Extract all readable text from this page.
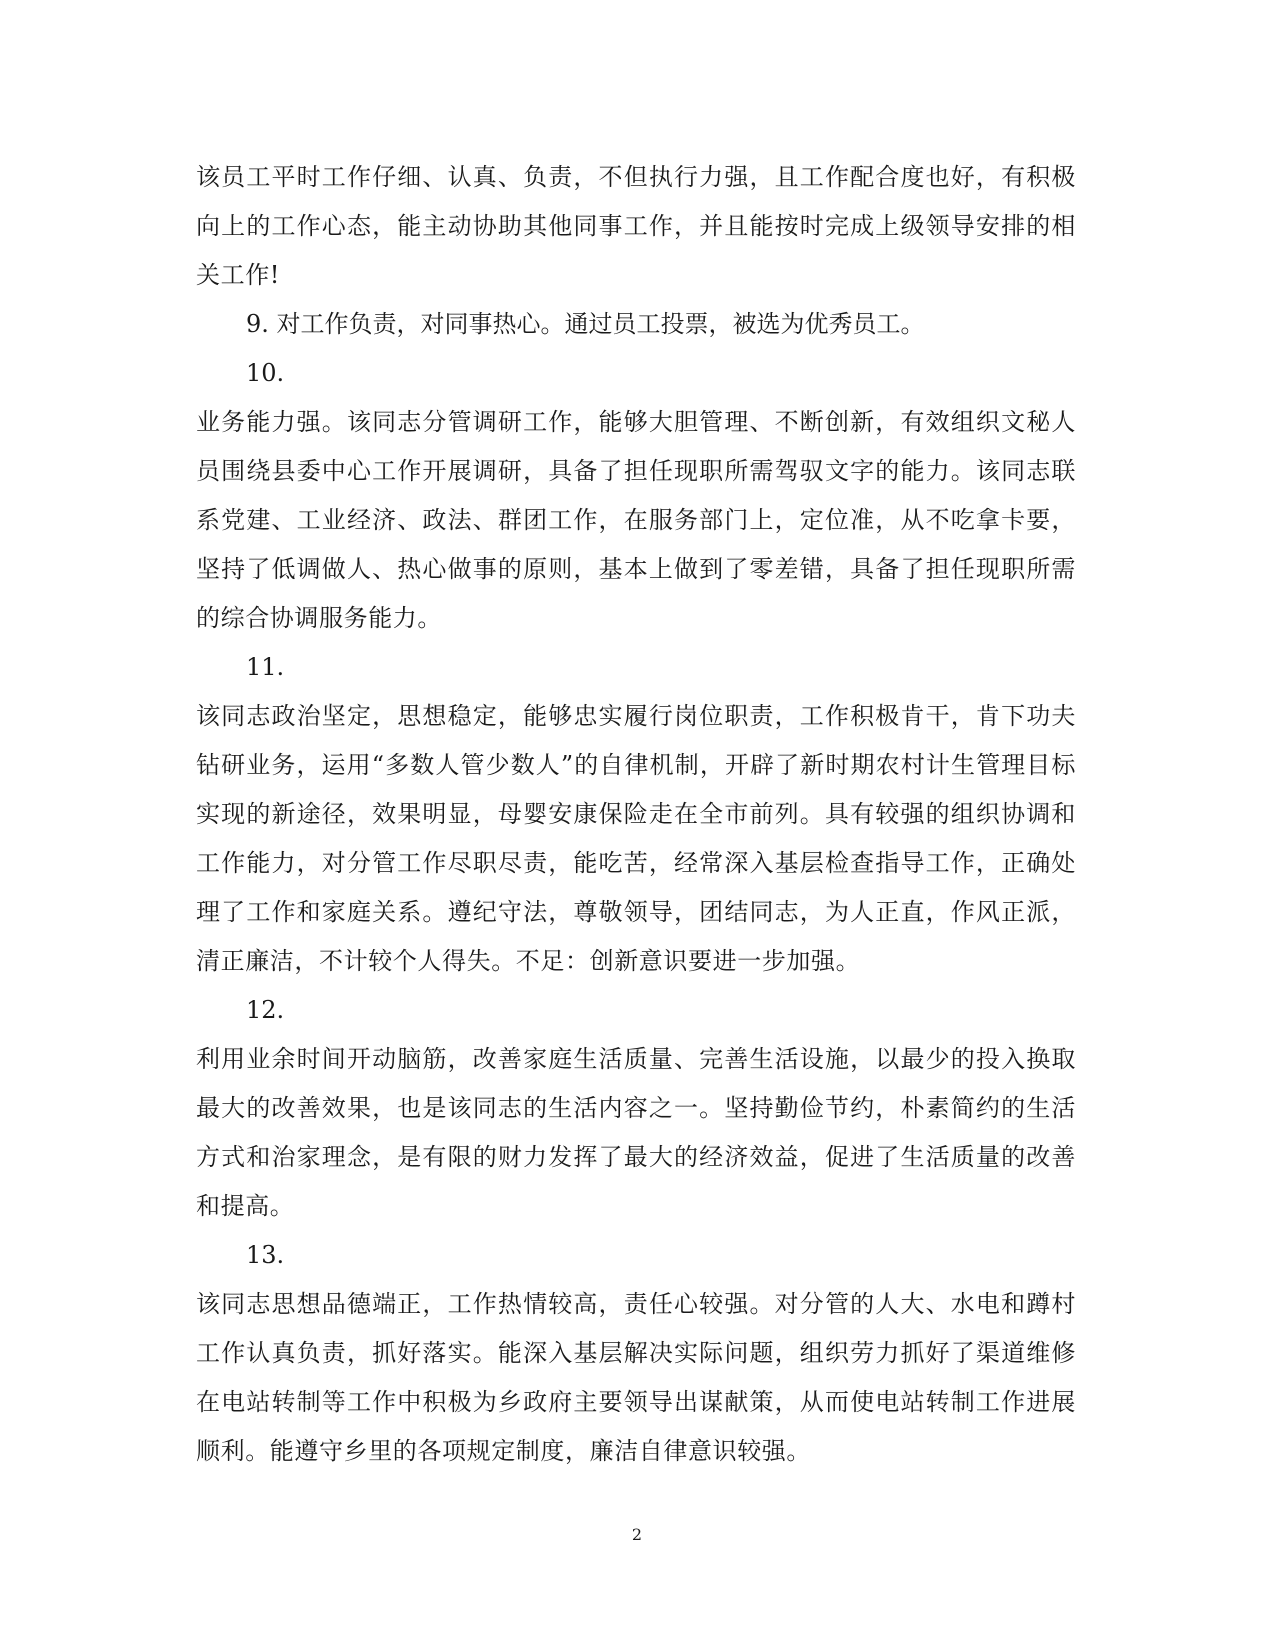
该员工平时工作仔细、认真、负责，不但执行力强，且工作配合度也好，有积极向上的工作心态，能主动协助其他同事工作，并且能按时完成上级领导安排的相关工作!

9. 对工作负责，对同事热心。通过员工投票，被选为优秀员工。

10.

业务能力强。该同志分管调研工作，能够大胆管理、不断创新，有效组织文秘人员围绕县委中心工作开展调研，具备了担任现职所需驾驭文字的能力。该同志联系党建、工业经济、政法、群团工作，在服务部门上，定位准，从不吃拿卡要，坚持了低调做人、热心做事的原则，基本上做到了零差错，具备了担任现职所需的综合协调服务能力。

11.

该同志政治坚定，思想稳定，能够忠实履行岗位职责，工作积极肯干，肯下功夫钻研业务，运用“多数人管少数人”的自律机制，开辟了新时期农村计生管理目标实现的新途径，效果明显，母婴安康保险走在全市前列。具有较强的组织协调和工作能力，对分管工作尽职尽责，能吃苦，经常深入基层检查指导工作，正确处理了工作和家庭关系。遵纪守法，尊敬领导，团结同志，为人正直，作风正派，清正廉洁，不计较个人得失。不足：创新意识要进一步加强。

12.

利用业余时间开动脑筋，改善家庭生活质量、完善生活设施，以最少的投入换取最大的改善效果，也是该同志的生活内容之一。坚持勤俭节约，朴素简约的生活方式和治家理念，是有限的财力发挥了最大的经济效益，促进了生活质量的改善和提高。

13.

该同志思想品德端正，工作热情较高，责任心较强。对分管的人大、水电和蹲村工作认真负责，抓好落实。能深入基层解决实际问题，组织劳力抓好了渠道维修在电站转制等工作中积极为乡政府主要领导出谋献策，从而使电站转制工作进展顺利。能遵守乡里的各项规定制度，廉洁自律意识较强。

2
